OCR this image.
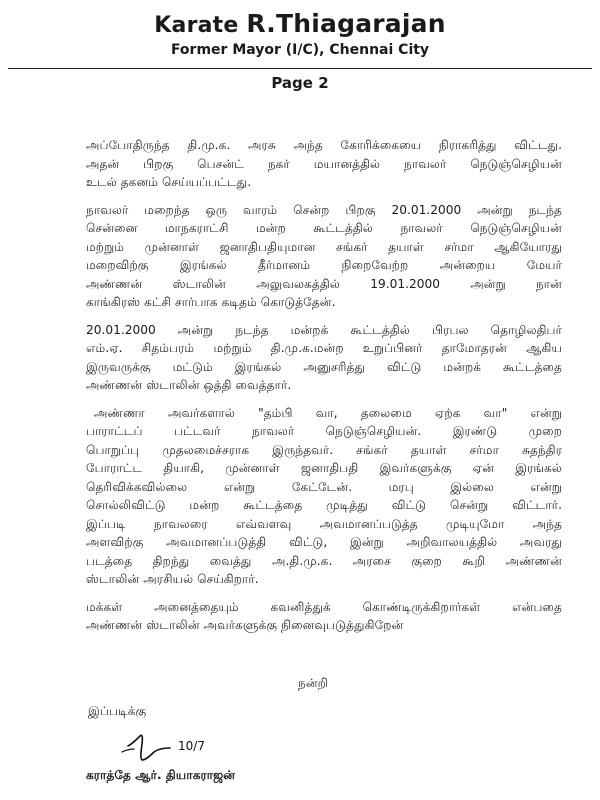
Karate R.Thiagarajan
Former Mayor (I/C), Chennai City
Page 2
அப்போதிருந்த தி.மு.க. அரசு அந்த கோரிக்கையை நிராகரித்து விட்டது.
அதன் பிறகு பெசன்ட் நகர் மயானத்தில் நாவலர் நெடுஞ்செழியன்
உடல் தகனம் செய்யப்பட்டது.
நாவலர் மறைந்த ஒரு வாரம் சென்ற பிறகு 20.01.2000 அன்று நடந்த
சென்னை மாநகராட்சி மன்ற கூட்டத்தில் நாவலர் நெடுஞ்செழியன்
மற்றும் முன்னாள் ஜனாதிபதியுமான சங்கர் தயாள் சர்மா ஆகியோரது
மறைவிற்கு இரங்கல் தீர்மானம் நிறைவேற்ற அன்றைய மேயர்
அண்ணன் ஸ்டாலின் அலுவலகத்தில் 19.01.2000 அன்று நான்
காங்கிரஸ் கட்சி சார்பாக கடிதம் கொடுத்தேன்.
20.01.2000 அன்று நடந்த மன்றக் கூட்டத்தில் பிரபல தொழிலதிபர்
எம்.ஏ. சிதம்பரம் மற்றும் தி.மு.க.மன்ற உறுப்பினர் தாமோதரன் ஆகிய
இருவருக்கு மட்டும் இரங்கல் அனுசரித்து விட்டு மன்றக் கூட்டத்தை
அண்ணன் ஸ்டாலின் ஒத்தி வைத்தார்.
அண்ணா அவர்களால் "தம்பி வா, தலைமை ஏற்க வா" என்று
பாராட்டப் பட்டவர் நாவலர் நெடுஞ்செழியன். இரண்டு முறை
பொறுப்பு முதலமைச்சராக இருந்தவர். சங்கர் தயாள் சர்மா சுதந்திர
போராட்ட தியாகி, முன்னாள் ஜனாதிபதி இவர்களுக்கு ஏன் இரங்கல்
தெரிவிக்கவில்லை என்று கேட்டேன். மரபு இல்லை என்று
சொல்லிவிட்டு மன்ற கூட்டத்தை முடித்து விட்டு சென்று விட்டார்.
இப்படி நாவலரை எவ்வளவு அவமானப்படுத்த முடியுமோ அந்த
அளவிற்கு அவமானப்படுத்தி விட்டு, இன்று அறிவாலயத்தில் அவரது
படத்தை திறந்து வைத்து அ.தி.மு.க. அரசை குறை கூறி அண்ணன்
ஸ்டாலின் அரசியல் செய்கிறார்.
மக்கள் அனைத்தையும் கவனித்துக் கொண்டிருக்கிறார்கள் என்பதை
அண்ணன் ஸ்டாலின் அவர்களுக்கு நினைவுபடுத்துகிறேன்
நன்றி
இப்படிக்கு
10/7
கராத்தே ஆர். தியாகராஜன்
